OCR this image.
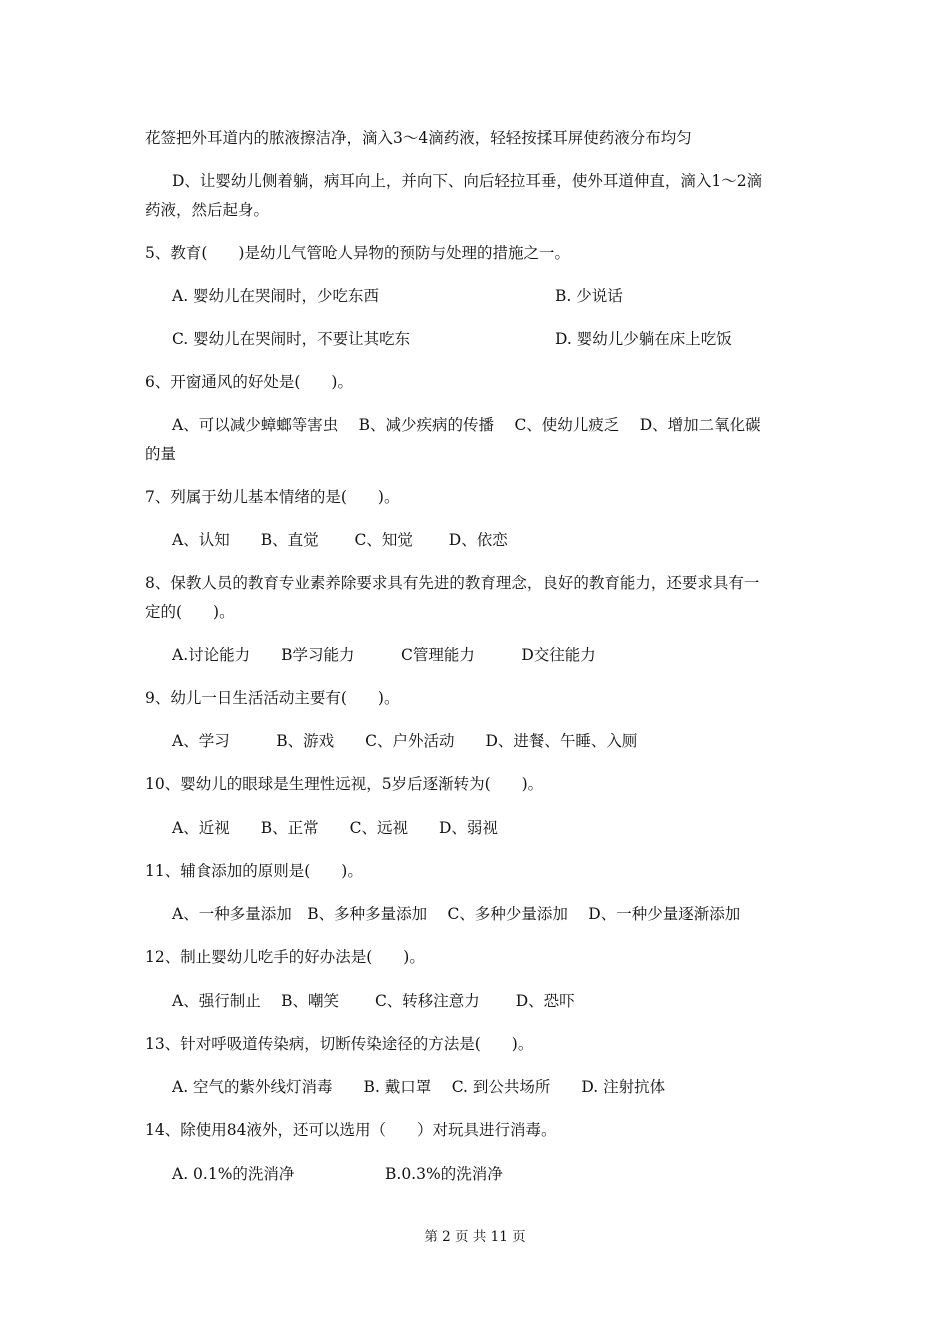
花签把外耳道内的脓液擦洁净，滴入3～4滴药液，轻轻按揉耳屏使药液分布均匀
D、让婴幼儿侧着躺，病耳向上，并向下、向后轻拉耳垂，使外耳道伸直，滴入1～2滴
药液，然后起身。
5、教育(　　)是幼儿气管呛人异物的预防与处理的措施之一。
A. 婴幼儿在哭闹时，少吃东西	B. 少说话
C. 婴幼儿在哭闹时，不要让其吃东	D. 婴幼儿少躺在床上吃饭
6、开窗通风的好处是(　　)。
A、可以减少蟑螂等害虫　 B、减少疾病的传播　 C、使幼儿疲乏　 D、增加二氧化碳
的量
7、列属于幼儿基本情绪的是(　　)。
A、认知　　B、直觉　　 C、知觉　　 D、依恋
8、保教人员的教育专业素养除要求具有先进的教育理念，良好的教育能力，还要求具有一
定的(　　)。
A.讨论能力　　B学习能力　　　C管理能力　　　D交往能力
9、幼儿一日生活活动主要有(　　)。
A、学习　　　B、游戏　　C、户外活动　　D、进餐、午睡、入厕
10、婴幼儿的眼球是生理性远视，5岁后逐渐转为(　　)。
A、近视　　B、正常　　C、远视　　D、弱视
11、辅食添加的原则是(　　)。
A、一种多量添加　B、多种多量添加　 C、多种少量添加　 D、一种少量逐渐添加
12、制止婴幼儿吃手的好办法是(　　)。
A、强行制止　 B、嘲笑　　 C、转移注意力　　 D、恐吓
13、针对呼吸道传染病，切断传染途径的方法是(　　)。
A. 空气的紫外线灯消毒　　B. 戴口罩　 C. 到公共场所　　D. 注射抗体
14、除使用84液外，还可以选用（　　）对玩具进行消毒。
A. 0.1%的洗消净	B.0.3%的洗消净
第 2 页 共 11 页
